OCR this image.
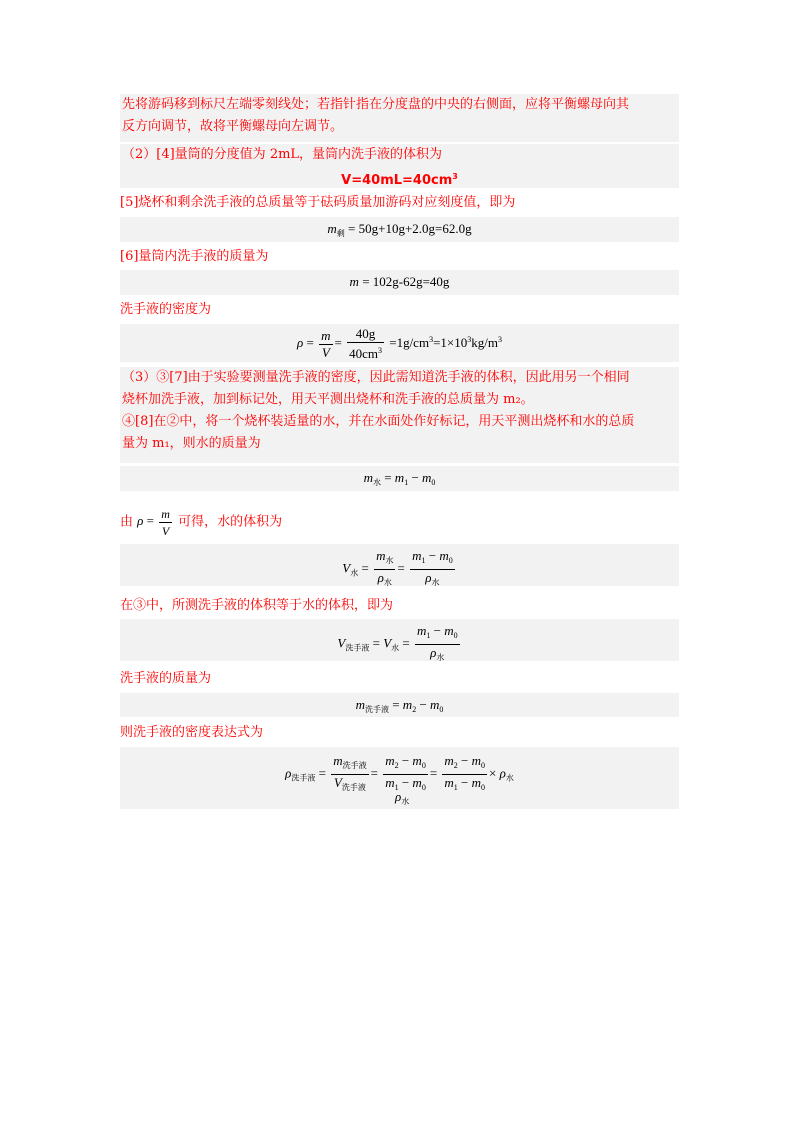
先将游码移到标尺左端零刻线处；若指针指在分度盘的中央的右侧面，应将平衡螺母向其
反方向调节，故将平衡螺母向左调节。
（2）[4]量筒的分度值为 2mL，量筒内洗手液的体积为
$V=40mL=40cm^3$
[5]烧杯和剩余洗手液的总质量等于砝码质量加游码对应刻度值，即为
$m_剩 = 50g+10g+2.0g=62.0g$
[6]量筒内洗手液的质量为
m = 102g-62g=40g
洗手液的密度为
$\rho = \frac{m}{V} = \frac{40g}{40cm^3} =1g/cm^3=1\times 10^3kg/m^3$
（3）③[7]由于实验要测量洗手液的密度，因此需知道洗手液的体积，因此用另一个相同
烧杯加洗手液，加到标记处，用天平测出烧杯和洗手液的总质量为 m₂。
④[8]在②中，将一个烧杯装适量的水，并在水面处作好标记，用天平测出烧杯和水的总质
量为 m₁，则水的质量为
$m_水 = m_1 - m_0$
由 $\rho = \frac{m}{V}$ 可得，水的体积为
$V_水 = \frac{m_水}{\rho_水} = \frac{m_1 - m_0}{\rho_水}$
在③中，所测洗手液的体积等于水的体积，即为
$V_{洗手液} = V_水 = \frac{m_1 - m_0}{\rho_水}$
洗手液的质量为
$m_{洗手液} = m_2 - m_0$
则洗手液的密度表达式为
$\rho_{洗手液} = \frac{m_{洗手液}}{V_{洗手液}} = \frac{m_2 - m_0}{m_1 - m_0} = \frac{m_2 - m_0}{m_1 - m_0} \times \rho_水$
$\rho_水$
